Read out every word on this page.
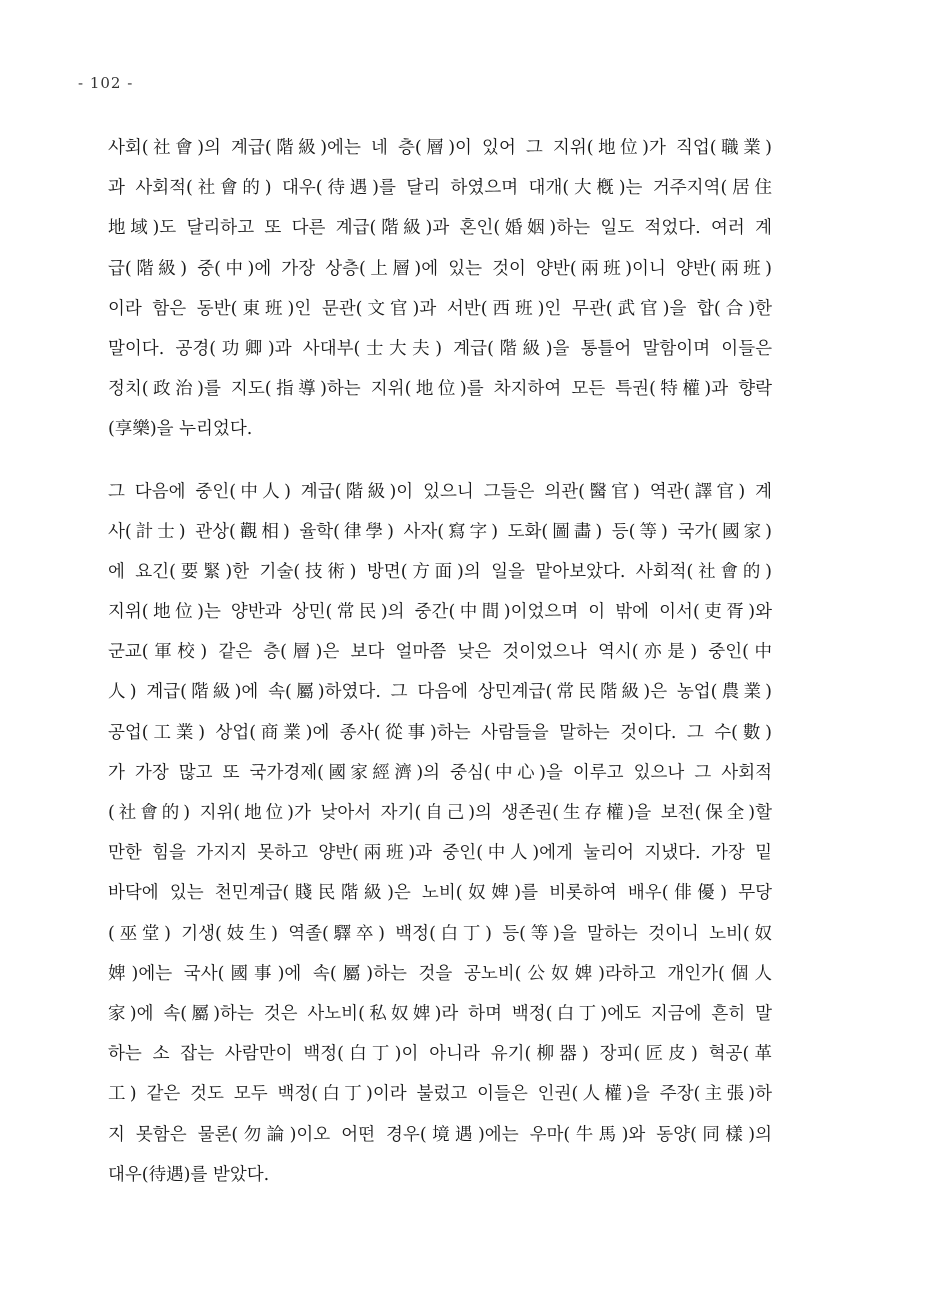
- 102 -
사회(社會)의 계급(階級)에는 네 층(層)이 있어 그 지위(地位)가 직업(職業)
과 사회적(社會的) 대우(待遇)를 달리 하였으며 대개(大槪)는 거주지역(居住
地域)도 달리하고 또 다른 계급(階級)과 혼인(婚姻)하는 일도 적었다. 여러 계
급(階級) 중(中)에 가장 상층(上層)에 있는 것이 양반(兩班)이니 양반(兩班)
이라 함은 동반(東班)인 문관(文官)과 서반(西班)인 무관(武官)을 합(合)한
말이다. 공경(功卿)과 사대부(士大夫) 계급(階級)을 통틀어 말함이며 이들은
정치(政治)를 지도(指導)하는 지위(地位)를 차지하여 모든 특권(特權)과 향락
(享樂)을 누리었다.
그 다음에 중인(中人) 계급(階級)이 있으니 그들은 의관(醫官) 역관(譯官) 계
사(計士) 관상(觀相) 율학(律學) 사자(寫字) 도화(圖畵) 등(等) 국가(國家)
에 요긴(要緊)한 기술(技術) 방면(方面)의 일을 맡아보았다. 사회적(社會的)
지위(地位)는 양반과 상민(常民)의 중간(中間)이었으며 이 밖에 이서(吏胥)와
군교(軍校) 같은 층(層)은 보다 얼마쯤 낮은 것이었으나 역시(亦是) 중인(中
人) 계급(階級)에 속(屬)하였다. 그 다음에 상민계급(常民階級)은 농업(農業)
공업(工業) 상업(商業)에 종사(從事)하는 사람들을 말하는 것이다. 그 수(數)
가 가장 많고 또 국가경제(國家經濟)의 중심(中心)을 이루고 있으나 그 사회적
(社會的) 지위(地位)가 낮아서 자기(自己)의 생존권(生存權)을 보전(保全)할
만한 힘을 가지지 못하고 양반(兩班)과 중인(中人)에게 눌리어 지냈다. 가장 밑
바닥에 있는 천민계급(賤民階級)은 노비(奴婢)를 비롯하여 배우(俳優) 무당
(巫堂) 기생(妓生) 역졸(驛卒) 백정(白丁) 등(等)을 말하는 것이니 노비(奴
婢)에는 국사(國事)에 속(屬)하는 것을 공노비(公奴婢)라하고 개인가(個人
家)에 속(屬)하는 것은 사노비(私奴婢)라 하며 백정(白丁)에도 지금에 흔히 말
하는 소 잡는 사람만이 백정(白丁)이 아니라 유기(柳器) 장피(匠皮) 혁공(革
工) 같은 것도 모두 백정(白丁)이라 불렀고 이들은 인권(人權)을 주장(主張)하
지 못함은 물론(勿論)이오 어떤 경우(境遇)에는 우마(牛馬)와 동양(同樣)의
대우(待遇)를 받았다.
